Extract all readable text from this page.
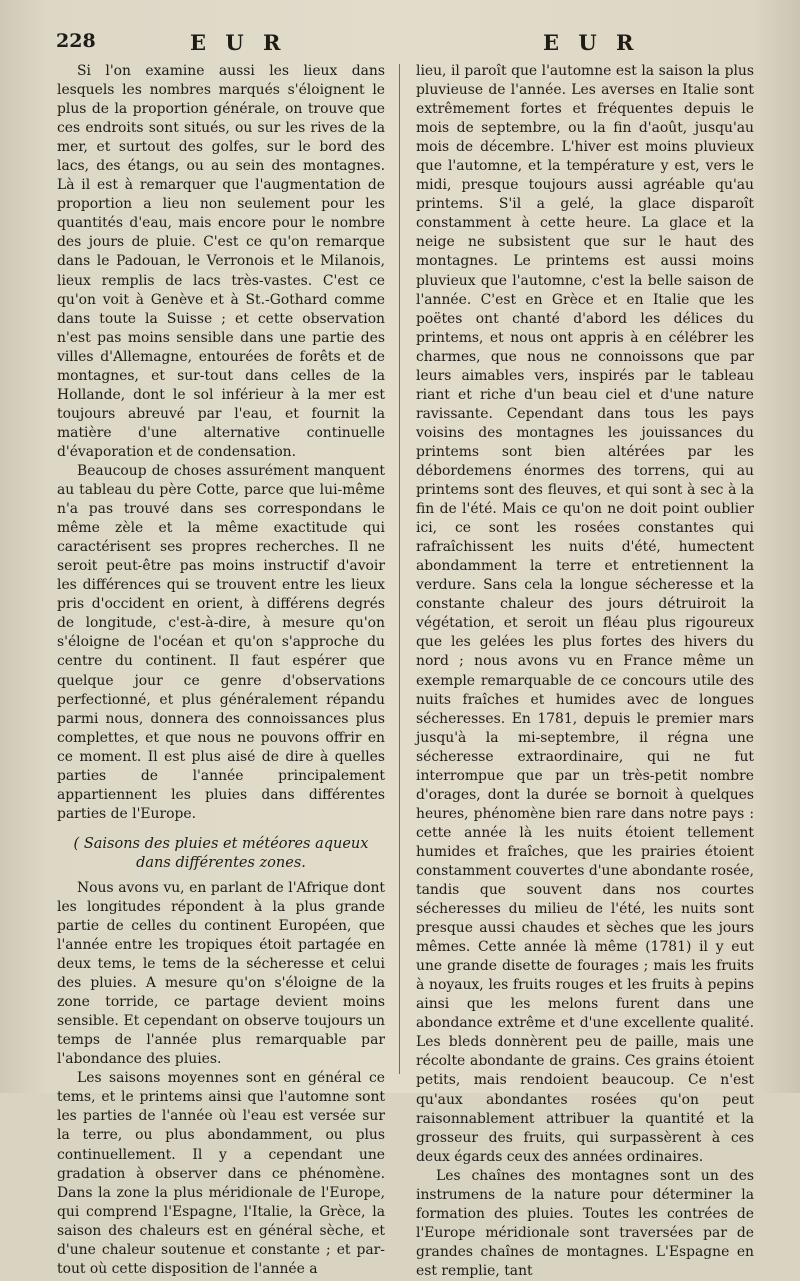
228	E U R	E U R

Si l'on examine aussi les lieux dans lesquels les nombres marqués s'éloignent le plus de la proportion générale, on trouve que ces endroits sont situés, ou sur les rives de la mer, et surtout des golfes, sur le bord des lacs, des étangs, ou au sein des montagnes. Là il est à remarquer que l'augmentation de proportion a lieu non seulement pour les quantités d'eau, mais encore pour le nombre des jours de pluie. C'est ce qu'on remarque dans le Padouan, le Verronois et le Milanois, lieux remplis de lacs très-vastes. C'est ce qu'on voit à Genève et à St.-Gothard comme dans toute la Suisse ; et cette observation n'est pas moins sensible dans une partie des villes d'Allemagne, entourées de forêts et de montagnes, et sur-tout dans celles de la Hollande, dont le sol inférieur à la mer est toujours abreuvé par l'eau, et fournit la matière d'une alternative continuelle d'évaporation et de condensation.

Beaucoup de choses assurément manquent au tableau du père Cotte, parce que lui-même n'a pas trouvé dans ses correspondans le même zèle et la même exactitude qui caractérisent ses propres recherches. Il ne seroit peut-être pas moins instructif d'avoir les différences qui se trouvent entre les lieux pris d'occident en orient, à différens degrés de longitude, c'est-à-dire, à mesure qu'on s'éloigne de l'océan et qu'on s'approche du centre du continent. Il faut espérer que quelque jour ce genre d'observations perfectionné, et plus généralement répandu parmi nous, donnera des connoissances plus complettes, et que nous ne pouvons offrir en ce moment. Il est plus aisé de dire à quelles parties de l'année principalement appartiennent les pluies dans différentes parties de l'Europe.

( Saisons des pluies et météores aqueux dans différentes zones.

Nous avons vu, en parlant de l'Afrique dont les longitudes répondent à la plus grande partie de celles du continent Européen, que l'année entre les tropiques étoit partagée en deux tems, le tems de la sécheresse et celui des pluies. A mesure qu'on s'éloigne de la zone torride, ce partage devient moins sensible. Et cependant on observe toujours un temps de l'année plus remarquable par l'abondance des pluies.

Les saisons moyennes sont en général ce tems, et le printems ainsi que l'automne sont les parties de l'année où l'eau est versée sur la terre, ou plus abondamment, ou plus continuellement. Il y a cependant une gradation à observer dans ce phénomène. Dans la zone la plus méridionale de l'Europe, qui comprend l'Espagne, l'Italie, la Grèce, la saison des chaleurs est en général sèche, et d'une chaleur soutenue et constante ; et par-tout où cette disposition de l'année a

lieu, il paroît que l'automne est la saison la plus pluvieuse de l'année. Les averses en Italie sont extrêmement fortes et fréquentes depuis le mois de septembre, ou la fin d'août, jusqu'au mois de décembre. L'hiver est moins pluvieux que l'automne, et la température y est, vers le midi, presque toujours aussi agréable qu'au printems. S'il a gelé, la glace disparoît constamment à cette heure. La glace et la neige ne subsistent que sur le haut des montagnes. Le printems est aussi moins pluvieux que l'automne, c'est la belle saison de l'année. C'est en Grèce et en Italie que les poëtes ont chanté d'abord les délices du printems, et nous ont appris à en célébrer les charmes, que nous ne connoissons que par leurs aimables vers, inspirés par le tableau riant et riche d'un beau ciel et d'une nature ravissante. Cependant dans tous les pays voisins des montagnes les jouissances du printems sont bien altérées par les débordemens énormes des torrens, qui au printems sont des fleuves, et qui sont à sec à la fin de l'été. Mais ce qu'on ne doit point oublier ici, ce sont les rosées constantes qui rafraîchissent les nuits d'été, humectent abondamment la terre et entretiennent la verdure. Sans cela la longue sécheresse et la constante chaleur des jours détruiroit la végétation, et seroit un fléau plus rigoureux que les gelées les plus fortes des hivers du nord ; nous avons vu en France même un exemple remarquable de ce concours utile des nuits fraîches et humides avec de longues sécheresses. En 1781, depuis le premier mars jusqu'à la mi-septembre, il régna une sécheresse extraordinaire, qui ne fut interrompue que par un très-petit nombre d'orages, dont la durée se bornoit à quelques heures, phénomène bien rare dans notre pays : cette année là les nuits étoient tellement humides et fraîches, que les prairies étoient constamment couvertes d'une abondante rosée, tandis que souvent dans nos courtes sécheresses du milieu de l'été, les nuits sont presque aussi chaudes et sèches que les jours mêmes. Cette année là même (1781) il y eut une grande disette de fourages ; mais les fruits à noyaux, les fruits rouges et les fruits à pepins ainsi que les melons furent dans une abondance extrême et d'une excellente qualité. Les bleds donnèrent peu de paille, mais une récolte abondante de grains. Ces grains étoient petits, mais rendoient beaucoup. Ce n'est qu'aux abondantes rosées qu'on peut raisonnablement attribuer la quantité et la grosseur des fruits, qui surpassèrent à ces deux égards ceux des années ordinaires.

Les chaînes des montagnes sont un des instrumens de la nature pour déterminer la formation des pluies. Toutes les contrées de l'Europe méridionale sont traversées par de grandes chaînes de montagnes. L'Espagne en est remplie, tant
